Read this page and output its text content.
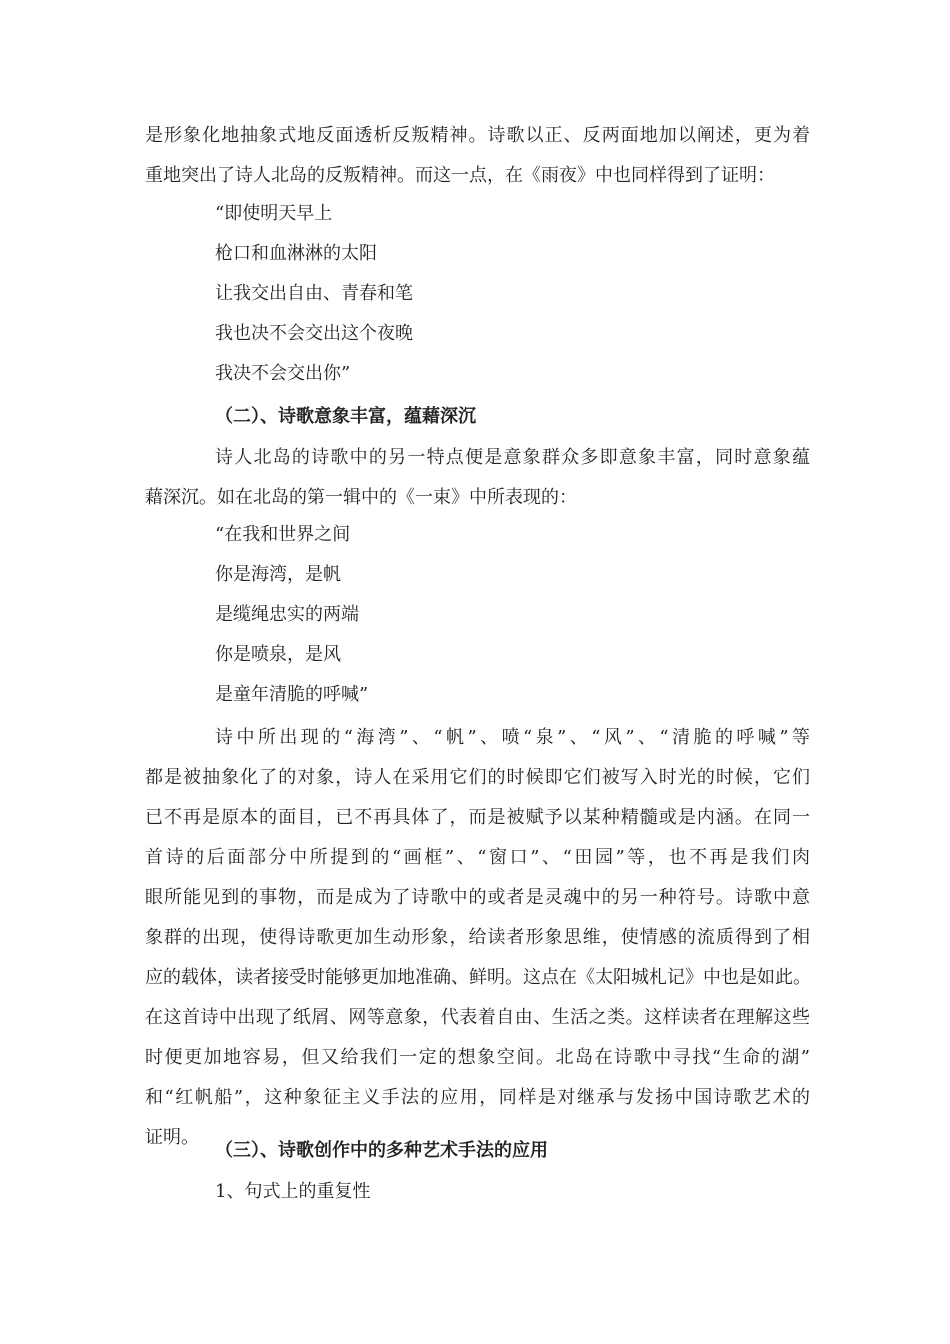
是形象化地抽象式地反面透析反叛精神。诗歌以正、反两面地加以阐述，更为着
重地突出了诗人北岛的反叛精神。而这一点，在《雨夜》中也同样得到了证明：
“即使明天早上
枪口和血淋淋的太阳
让我交出自由、青春和笔
我也决不会交出这个夜晚
我决不会交出你”
（二）、诗歌意象丰富，蕴藉深沉
诗人北岛的诗歌中的另一特点便是意象群众多即意象丰富，同时意象蕴
藉深沉。如在北岛的第一辑中的《一束》中所表现的：
“在我和世界之间
你是海湾，是帆
是缆绳忠实的两端
你是喷泉，是风
是童年清脆的呼喊”
诗中所出现的“海湾”、“帆”、喷“泉”、“风”、“清脆的呼喊”等
都是被抽象化了的对象，诗人在采用它们的时候即它们被写入时光的时候，它们
已不再是原本的面目，已不再具体了，而是被赋予以某种精髓或是内涵。在同一
首诗的后面部分中所提到的“画框”、“窗口”、“田园”等，也不再是我们肉
眼所能见到的事物，而是成为了诗歌中的或者是灵魂中的另一种符号。诗歌中意
象群的出现，使得诗歌更加生动形象，给读者形象思维，使情感的流质得到了相
应的载体，读者接受时能够更加地准确、鲜明。这点在《太阳城札记》中也是如此。
在这首诗中出现了纸屑、网等意象，代表着自由、生活之类。这样读者在理解这些
时便更加地容易，但又给我们一定的想象空间。北岛在诗歌中寻找“生命的湖”
和“红帆船”，这种象征主义手法的应用，同样是对继承与发扬中国诗歌艺术的
证明。
（三）、诗歌创作中的多种艺术手法的应用
1、句式上的重复性
